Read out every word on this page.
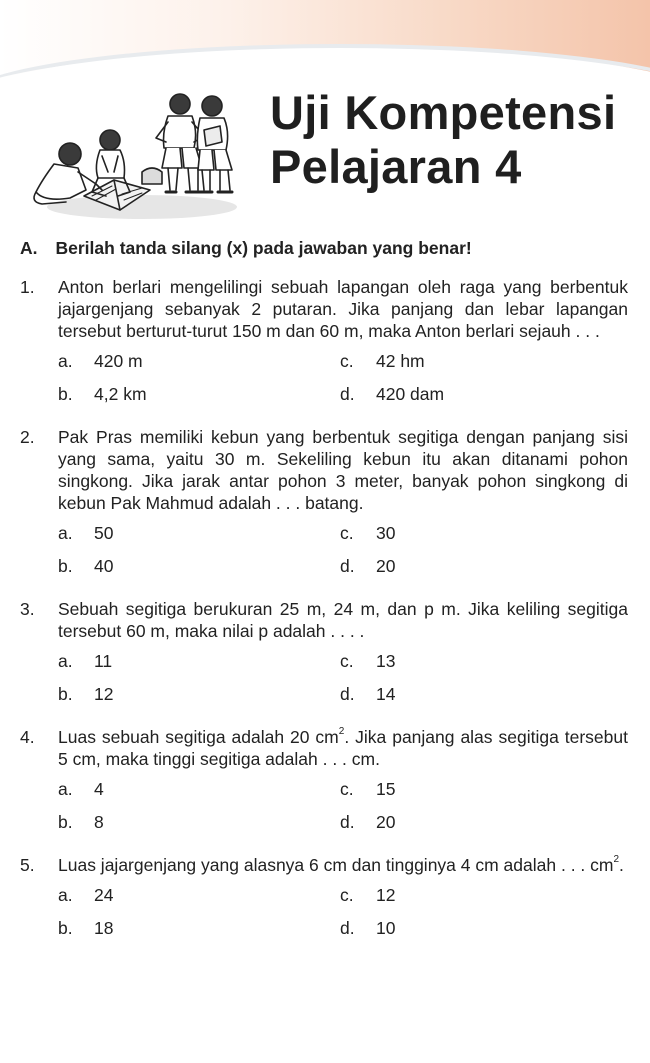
Uji Kompetensi
Pelajaran 4
A. Berilah tanda silang (x) pada jawaban yang benar!
1.	Anton berlari mengelilingi sebuah lapangan oleh raga yang berbentuk jajargenjang sebanyak 2 putaran. Jika panjang dan lebar lapangan tersebut berturut-turut 150 m dan 60 m, maka Anton berlari sejauh . . .
a.	420 m	c.	42 hm
b.	4,2 km	d.	420 dam
2.	Pak Pras memiliki kebun yang berbentuk segitiga dengan panjang sisi yang sama, yaitu 30 m. Sekeliling kebun itu akan ditanami pohon singkong. Jika jarak antar pohon 3 meter, banyak pohon singkong di kebun Pak Mahmud adalah . . . batang.
a.	50	c.	30
b.	40	d.	20
3.	Sebuah segitiga berukuran 25 m, 24 m, dan p m. Jika keliling segitiga tersebut 60 m, maka nilai p adalah . . . .
a.	11	c.	13
b.	12	d.	14
4.	Luas sebuah segitiga adalah 20 $cm^2$. Jika panjang alas segitiga tersebut 5 cm, maka tinggi segitiga adalah . . . cm.
a.	4	c.	15
b.	8	d.	20
5.	Luas jajargenjang yang alasnya 6 cm dan tingginya 4 cm adalah . . . $cm^2$.
a.	24	c.	12
b.	18	d.	10
